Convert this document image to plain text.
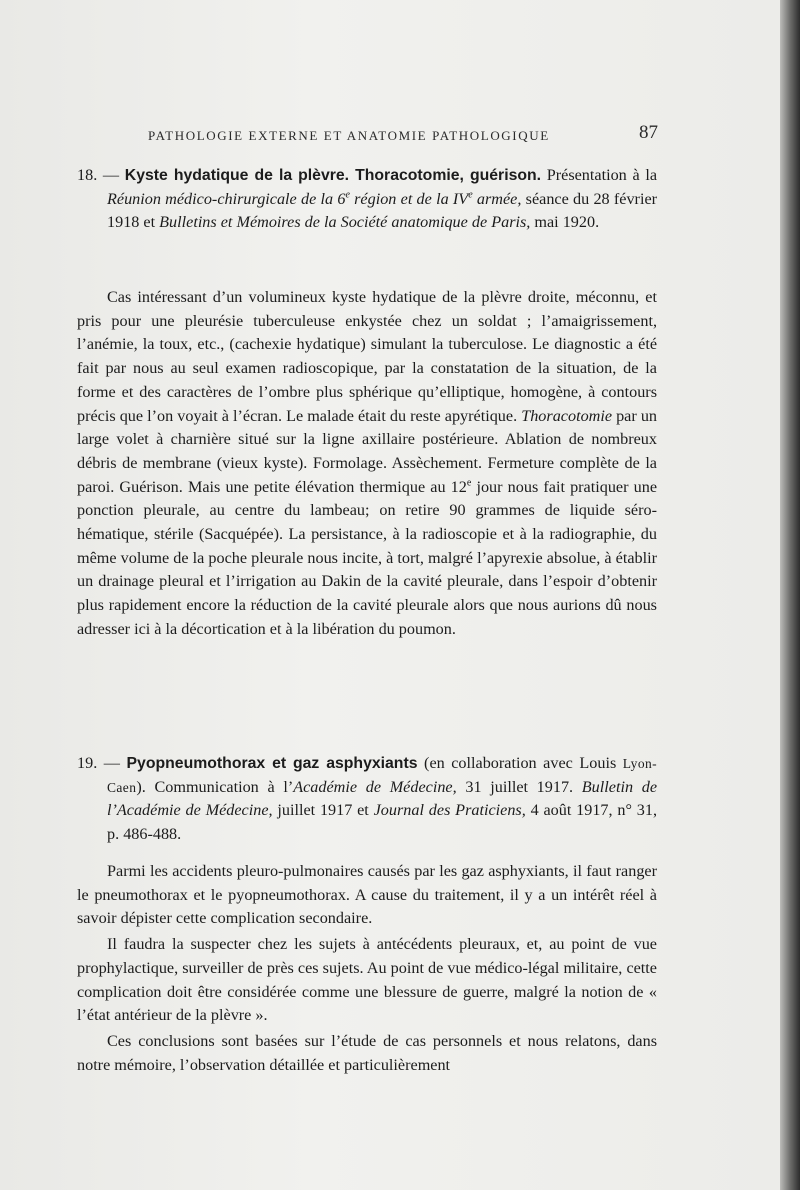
PATHOLOGIE EXTERNE ET ANATOMIE PATHOLOGIQUE	87

18. — Kyste hydatique de la plèvre. Thoracotomie, guérison. Présentation à la Réunion médico-chirurgicale de la 6e région et de la IVe armée, séance du 28 février 1918 et Bulletins et Mémoires de la Société anatomique de Paris, mai 1920.

Cas intéressant d’un volumineux kyste hydatique de la plèvre droite, méconnu, et pris pour une pleurésie tuberculeuse enkystée chez un soldat ; l’amaigrissement, l’anémie, la toux, etc., (cachexie hydatique) simulant la tuberculose. Le diagnostic a été fait par nous au seul examen radioscopique, par la constatation de la situation, de la forme et des caractères de l’ombre plus sphérique qu’elliptique, homogène, à contours précis que l’on voyait à l’écran. Le malade était du reste apyrétique. Thoracotomie par un large volet à charnière situé sur la ligne axillaire postérieure. Ablation de nombreux débris de membrane (vieux kyste). Formolage. Assèchement. Fermeture complète de la paroi. Guérison. Mais une petite élévation thermique au 12e jour nous fait pratiquer une ponction pleurale, au centre du lambeau; on retire 90 grammes de liquide séro-hématique, stérile (Sacquépée). La persistance, à la radioscopie et à la radiographie, du même volume de la poche pleurale nous incite, à tort, malgré l’apyrexie absolue, à établir un drainage pleural et l’irrigation au Dakin de la cavité pleurale, dans l’espoir d’obtenir plus rapidement encore la réduction de la cavité pleurale alors que nous aurions dû nous adresser ici à la décortication et à la libération du poumon.

19. — Pyopneumothorax et gaz asphyxiants (en collaboration avec Louis Lyon-Caen). Communication à l’Académie de Médecine, 31 juillet 1917. Bulletin de l’Académie de Médecine, juillet 1917 et Journal des Praticiens, 4 août 1917, n° 31, p. 486-488.

Parmi les accidents pleuro-pulmonaires causés par les gaz asphyxiants, il faut ranger le pneumothorax et le pyopneumothorax. A cause du traitement, il y a un intérêt réel à savoir dépister cette complication secondaire.

Il faudra la suspecter chez les sujets à antécédents pleuraux, et, au point de vue prophylactique, surveiller de près ces sujets. Au point de vue médico-légal militaire, cette complication doit être considérée comme une blessure de guerre, malgré la notion de « l’état antérieur de la plèvre ».

Ces conclusions sont basées sur l’étude de cas personnels et nous relatons, dans notre mémoire, l’observation détaillée et particulièrement
